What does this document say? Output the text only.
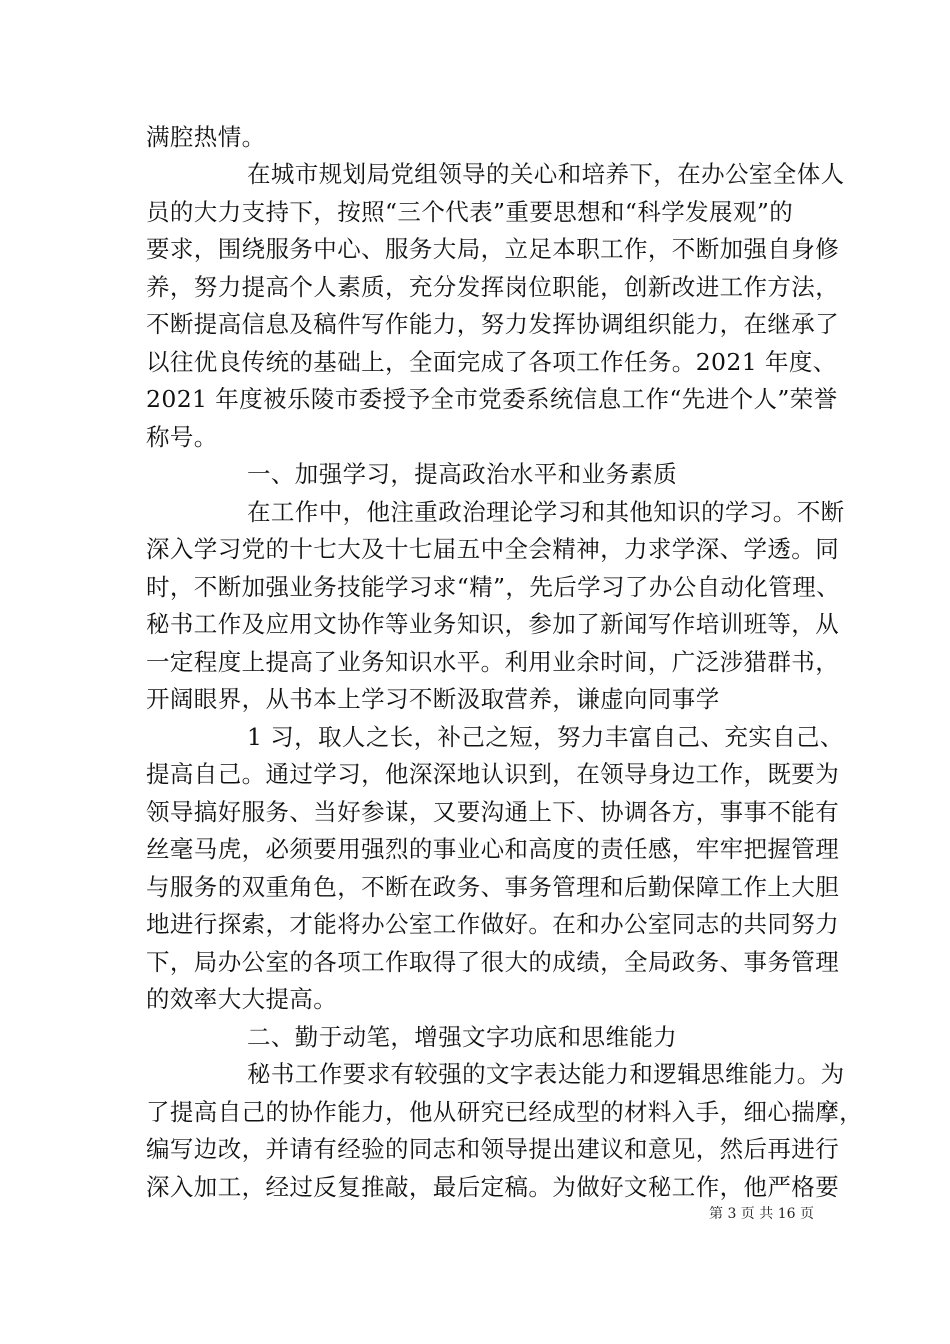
满腔热情。
在城市规划局党组领导的关心和培养下，在办公室全体人
员的大力支持下，按照“三个代表”重要思想和“科学发展观”的
要求，围绕服务中心、服务大局，立足本职工作，不断加强自身修
养，努力提高个人素质，充分发挥岗位职能，创新改进工作方法，
不断提高信息及稿件写作能力，努力发挥协调组织能力，在继承了
以往优良传统的基础上，全面完成了各项工作任务。2021 年度、
2021 年度被乐陵市委授予全市党委系统信息工作“先进个人”荣誉
称号。
一、加强学习，提高政治水平和业务素质
在工作中，他注重政治理论学习和其他知识的学习。不断
深入学习党的十七大及十七届五中全会精神，力求学深、学透。同
时，不断加强业务技能学习求“精”，先后学习了办公自动化管理、
秘书工作及应用文协作等业务知识，参加了新闻写作培训班等，从
一定程度上提高了业务知识水平。利用业余时间，广泛涉猎群书，
开阔眼界，从书本上学习不断汲取营养，谦虚向同事学
1 习，取人之长，补己之短，努力丰富自己、充实自己、
提高自己。通过学习，他深深地认识到，在领导身边工作，既要为
领导搞好服务、当好参谋，又要沟通上下、协调各方，事事不能有
丝毫马虎，必须要用强烈的事业心和高度的责任感，牢牢把握管理
与服务的双重角色，不断在政务、事务管理和后勤保障工作上大胆
地进行探索，才能将办公室工作做好。在和办公室同志的共同努力
下，局办公室的各项工作取得了很大的成绩，全局政务、事务管理
的效率大大提高。
二、勤于动笔，增强文字功底和思维能力
秘书工作要求有较强的文字表达能力和逻辑思维能力。为
了提高自己的协作能力，他从研究已经成型的材料入手，细心揣摩，
编写边改，并请有经验的同志和领导提出建议和意见，然后再进行
深入加工，经过反复推敲，最后定稿。为做好文秘工作，他严格要
第 3 页 共 16 页
